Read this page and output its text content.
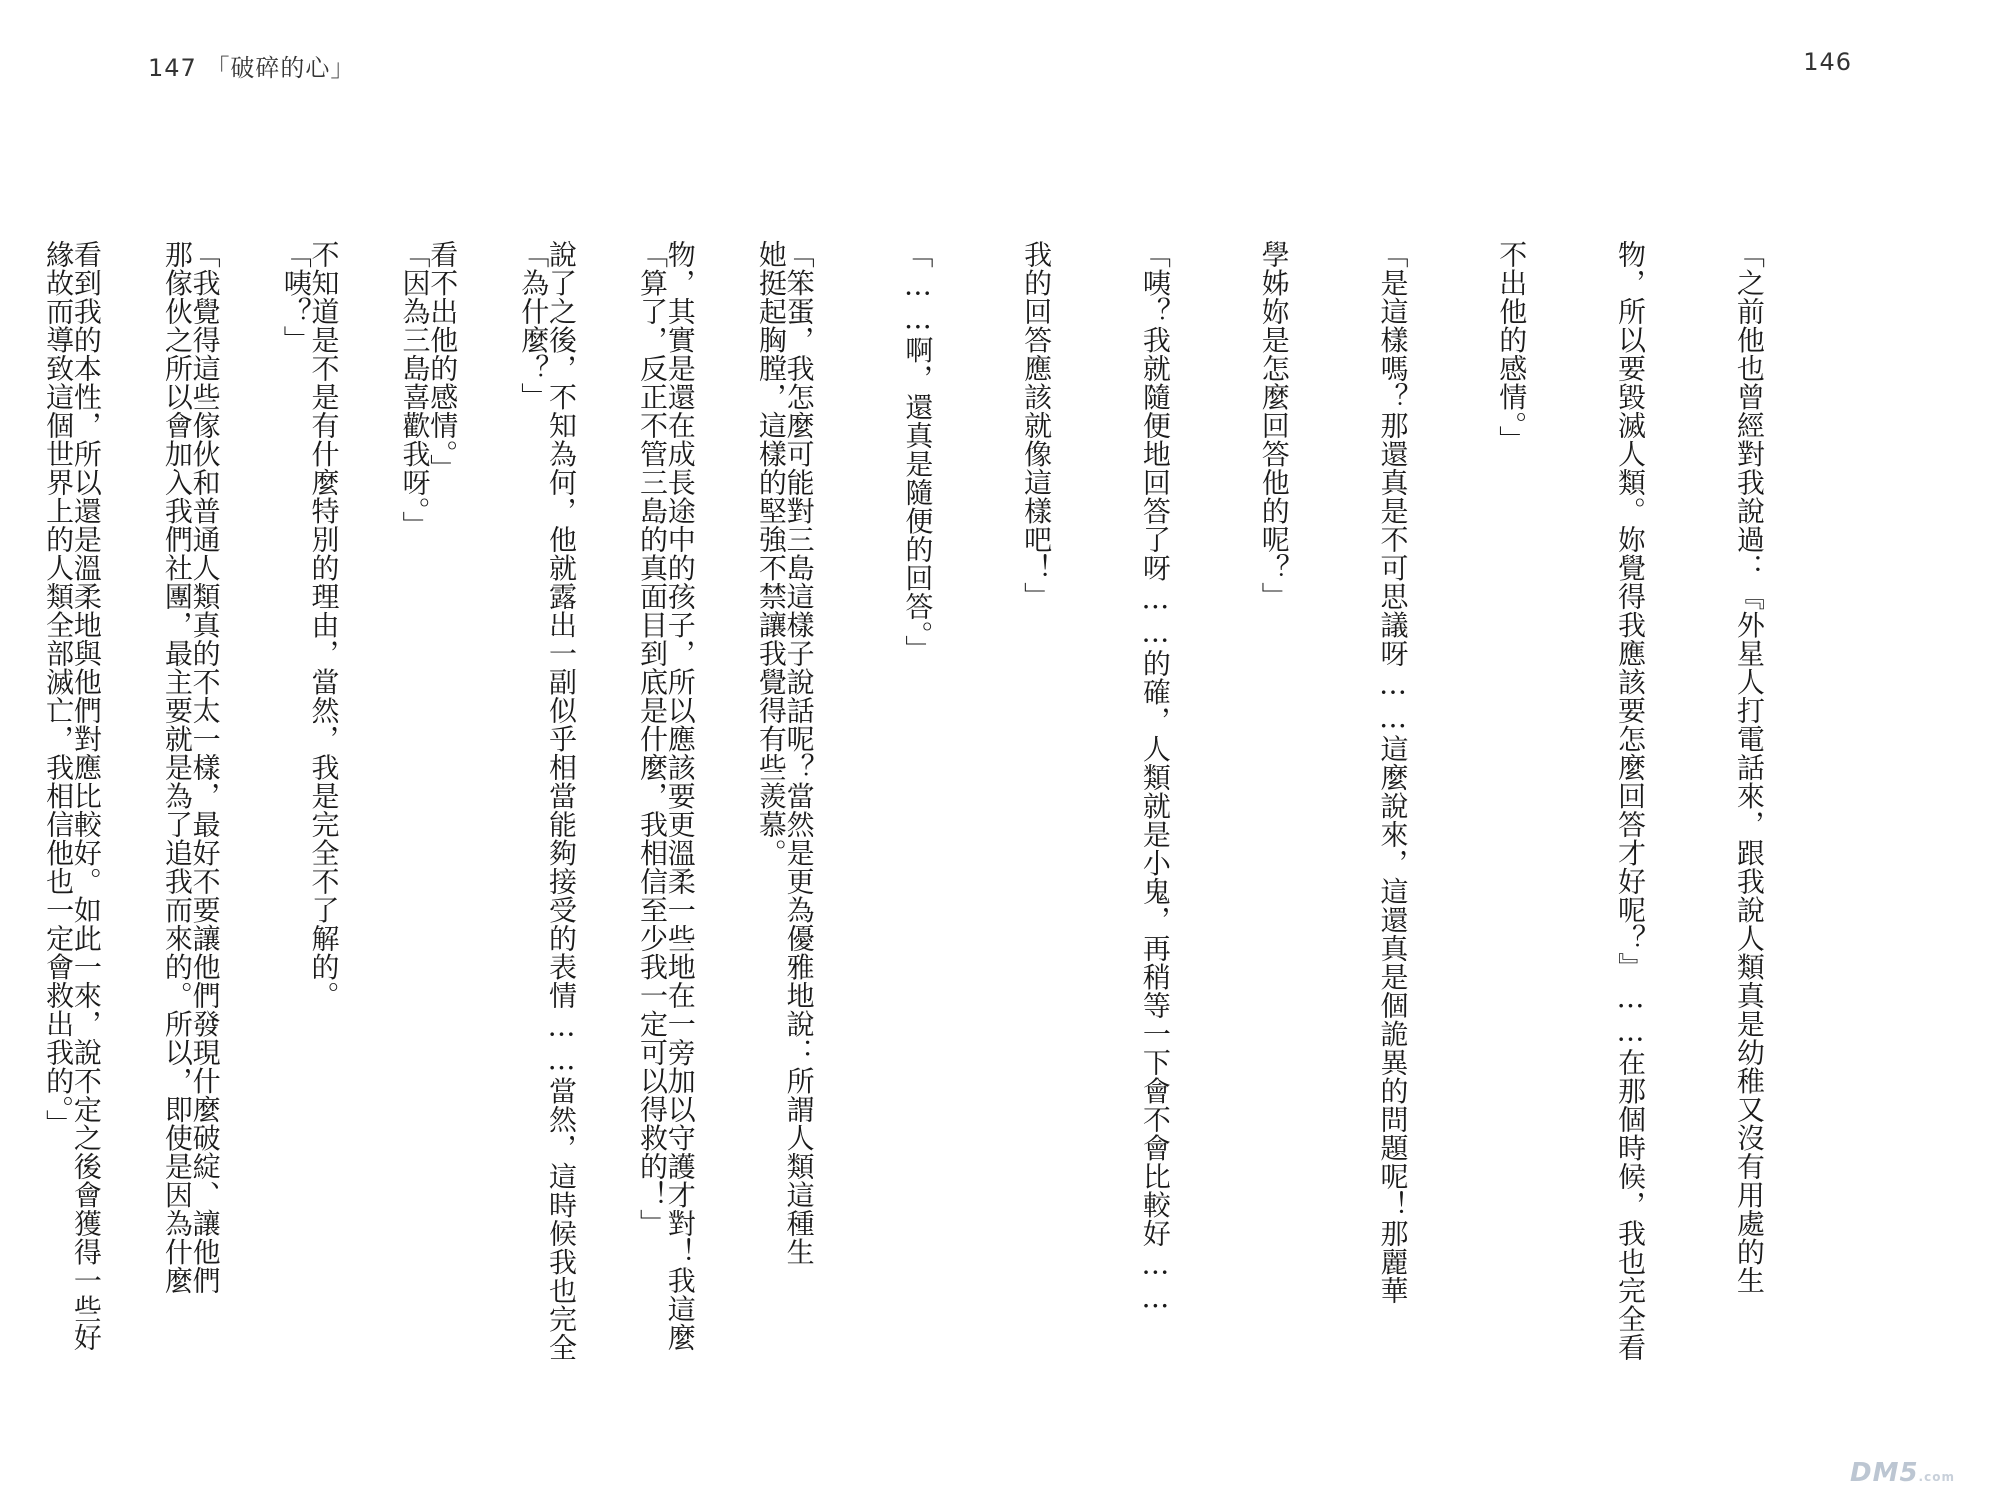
147 「破碎的心」	146

「之前他也曾經對我說過：『外星人打電話來，跟我說人類真是幼稚又沒有用處的生

物，所以要毀滅人類。妳覺得我應該要怎麼回答才好呢？』……在那個時候，我也完全看

不出他的感情。」

「是這樣嗎？那還真是不可思議呀……這麼說來，這還真是個詭異的問題呢！那麗華

學姊妳是怎麼回答他的呢？」

「咦？我就隨便地回答了呀……的確，人類就是小鬼，再稍等一下會不會比較好……

我的回答應該就像這樣吧！」

「……啊，還真是隨便的回答。」

「笨蛋，我怎麼可能對三島這樣子說話呢？當然是更為優雅地說：所謂人類這種生

物，其實是還在成長途中的孩子，所以應該要更溫柔一些地在一旁加以守護才對！我這麼

說了之後，不知為何，他就露出一副似乎相當能夠接受的表情……當然，這時候我也完全

看不出他的感情。」

不知道是不是有什麼特別的理由，當然，我是完全不了解的。

「我覺得這些傢伙和普通人類真的不太一樣，最好不要讓他們發現什麼破綻、讓他們

看到我的本性，所以還是溫柔地與他們對應比較好。如此一來，說不定之後會獲得一些好

	她挺起胸膛，這樣的堅強不禁讓我覺得有些羨慕。

「算了，反正不管三島的真面目到底是什麼，我相信至少我一定可以得救的！」

「為什麼？」

「因為三島喜歡我呀。」

「咦？」

那傢伙之所以會加入我們社團，最主要就是為了追我而來的。所以，即使是因為什麼

緣故而導致這個世界上的人類全部滅亡，我相信他也一定會救出我的。」

DM5.com
